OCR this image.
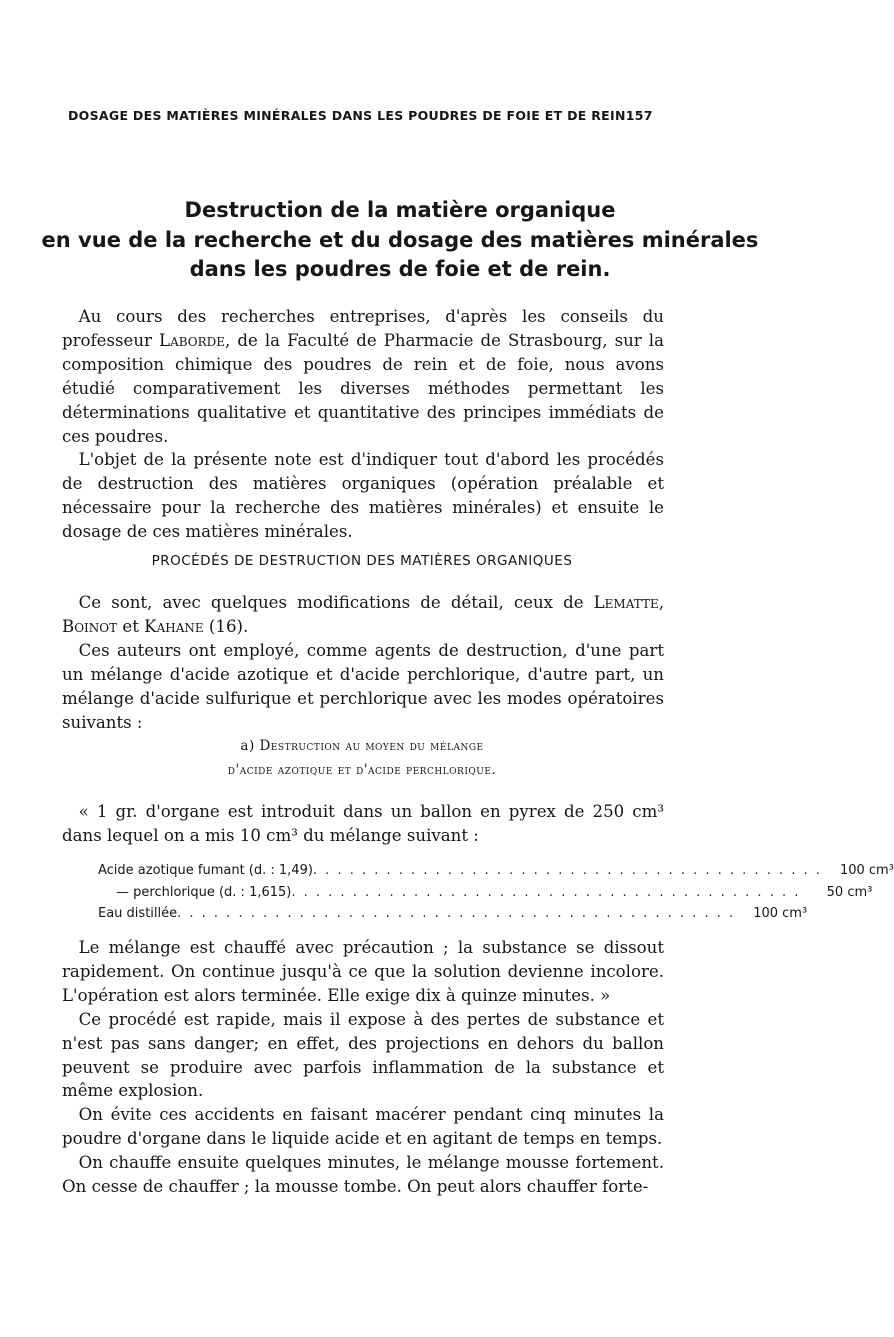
DOSAGE DES MATIÈRES MINÉRALES DANS LES POUDRES DE FOIE ET DE REIN 157
Destruction de la matière organique
en vue de la recherche et du dosage des matières minérales
dans les poudres de foie et de rein.

 Au cours des recherches entreprises, d'après les conseils du professeur Laborde, de la Faculté de Pharmacie de Strasbourg, sur la composition chimique des poudres de rein et de foie, nous avons étudié comparativement les diverses méthodes permettant les déterminations qualitative et quantitative des principes immédiats de ces poudres.

 L'objet de la présente note est d'indiquer tout d'abord les procédés de destruction des matières organiques (opération préalable et nécessaire pour la recherche des matières minérales) et ensuite le dosage de ces matières minérales.

PROCÉDÉS DE DESTRUCTION DES MATIÈRES ORGANIQUES

 Ce sont, avec quelques modifications de détail, ceux de Lematte, Boinot et Kahane (16).

 Ces auteurs ont employé, comme agents de destruction, d'une part un mélange d'acide azotique et d'acide perchlorique, d'autre part, un mélange d'acide sulfurique et perchlorique avec les modes opératoires suivants :

a) Destruction au moyen du mélange
d'acide azotique et d'acide perchlorique.

 « 1 gr. d'organe est introduit dans un ballon en pyrex de 250 cm³ dans lequel on a mis 10 cm³ du mélange suivant :

Acide azotique fumant (d. : 1,49) . . . . . . . . . . . . . . . . . . . . . . . . . . . . . . . . . . . . . . . . . .	100 cm³
— perchlorique (d. : 1,615) . . . . . . . . . . . . . . . . . . . . . . . . . . . . . . . . . . . . . . . . . .	50 cm³
Eau distillée . . . . . . . . . . . . . . . . . . . . . . . . . . . . . . . . . . . . . . . . . . . . . .	100 cm³

 Le mélange est chauffé avec précaution ; la substance se dissout rapidement. On continue jusqu'à ce que la solution devienne incolore. L'opération est alors terminée. Elle exige dix à quinze minutes. »

 Ce procédé est rapide, mais il expose à des pertes de substance et n'est pas sans danger; en effet, des projections en dehors du ballon peuvent se produire avec parfois inflammation de la substance et même explosion.

 On évite ces accidents en faisant macérer pendant cinq minutes la poudre d'organe dans le liquide acide et en agitant de temps en temps.

 On chauffe ensuite quelques minutes, le mélange mousse fortement. On cesse de chauffer ; la mousse tombe. On peut alors chauffer forte-
